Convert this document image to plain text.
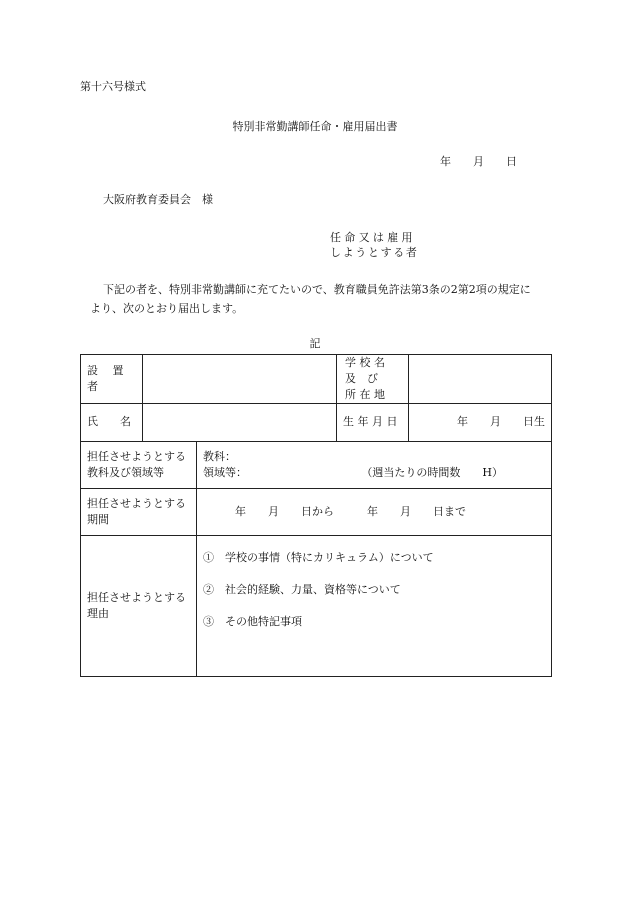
第十六号様式
特別非常勤講師任命・雇用届出書
年　　月　　日
大阪府教育委員会　様
任命又は雇用
しようとする者
下記の者を、特別非常勤講師に充てたいので、教育職員免許法第3条の2第2項の規定に
より、次のとおり届出します。
記
設 置 者			学 校 名
及　び
所 在 地	

氏　　名			生 年 月 日	年　　月　　日生
担任させようとする教科及び領域等		教科：
領域等： （週当たりの時間数　　H）		

担任させようとする期間		年　　月　　日から　　　年　　月　　日まで		
担任させようとする理由		①　学校の事情（特にカリキュラム）について
②　社会的経験、力量、資格等について
③　その他特記事項		
